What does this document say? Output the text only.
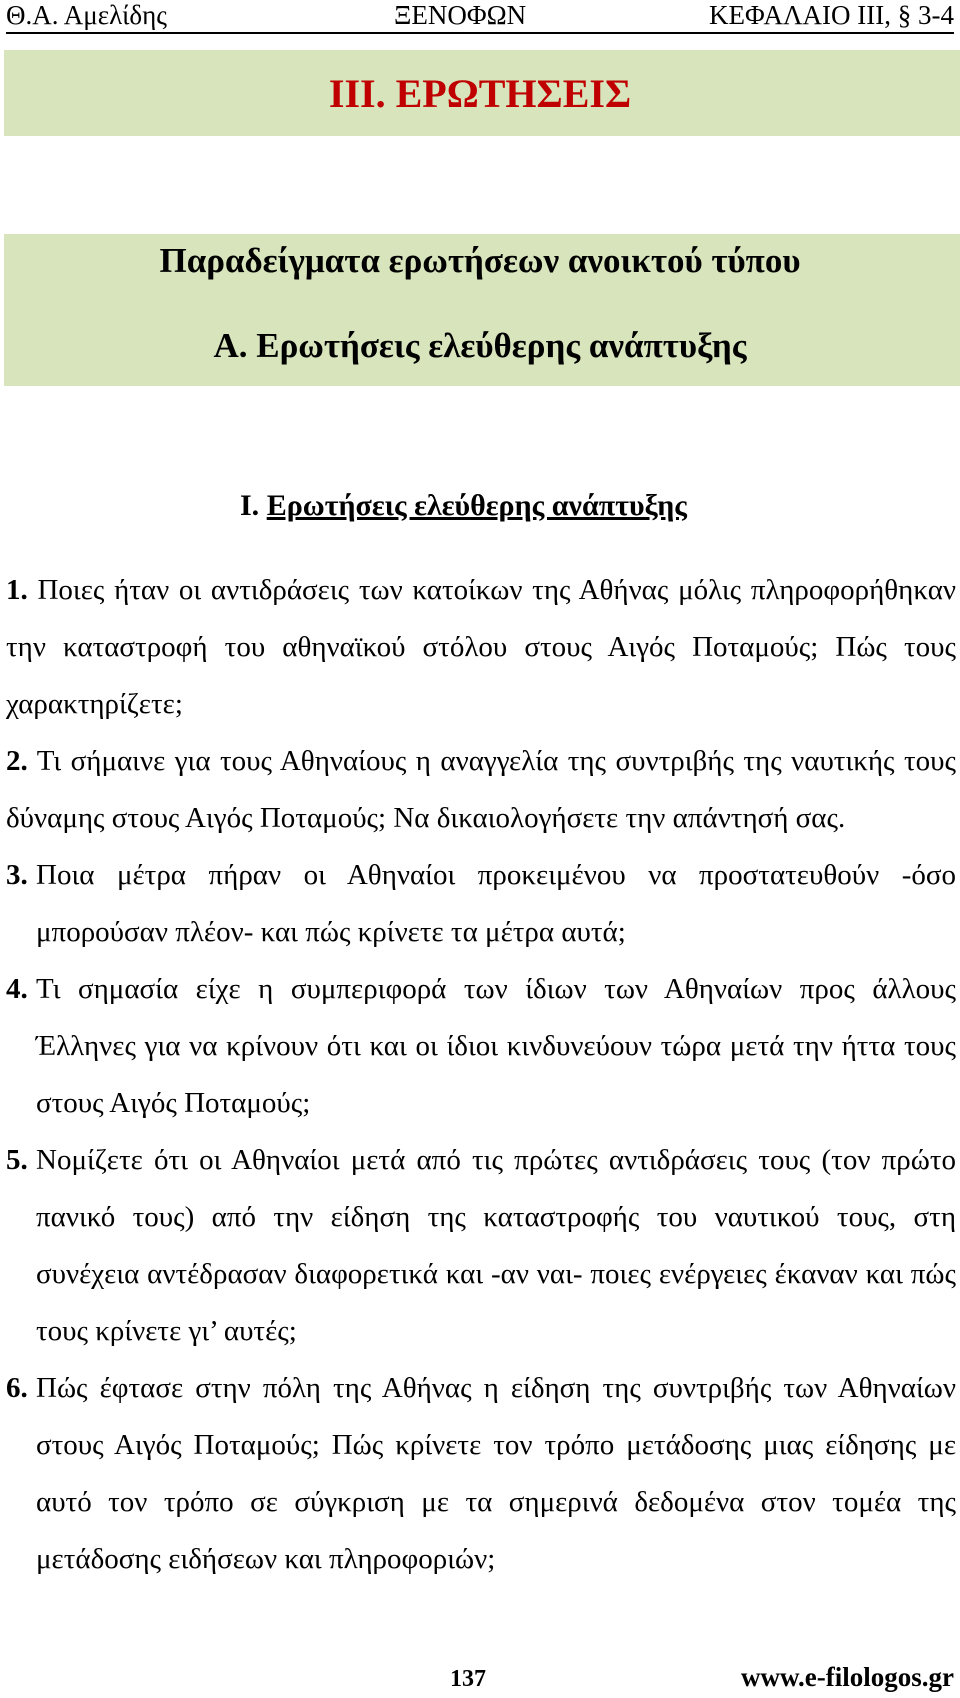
Θ.Α. Αμελίδης	ΞΕΝΟΦΩΝ	ΚΕΦΑΛΑΙΟ ΙΙΙ, § 3-4
ΙΙΙ. ΕΡΩΤΗΣΕΙΣ
Παραδείγματα ερωτήσεων ανοικτού τύπου
Α. Ερωτήσεις ελεύθερης ανάπτυξης
Ι. Ερωτήσεις ελεύθερης ανάπτυξης
1. Ποιες ήταν οι αντιδράσεις των κατοίκων της Αθήνας μόλις πληροφορήθηκαν την καταστροφή του αθηναϊκού στόλου στους Αιγός Ποταμούς; Πώς τους χαρακτηρίζετε;
2. Τι σήμαινε για τους Αθηναίους η αναγγελία της συντριβής της ναυτικής τους δύναμης στους Αιγός Ποταμούς; Να δικαιολογήσετε την απάντησή σας.
3. Ποια μέτρα πήραν οι Αθηναίοι προκειμένου να προστατευθούν -όσο μπορούσαν πλέον- και πώς κρίνετε τα μέτρα αυτά;
4. Τι σημασία είχε η συμπεριφορά των ίδιων των Αθηναίων προς άλλους Έλληνες για να κρίνουν ότι και οι ίδιοι κινδυνεύουν τώρα μετά την ήττα τους στους Αιγός Ποταμούς;
5. Νομίζετε ότι οι Αθηναίοι μετά από τις πρώτες αντιδράσεις τους (τον πρώτο πανικό τους) από την είδηση της καταστροφής του ναυτικού τους, στη συνέχεια αντέδρασαν διαφορετικά και -αν ναι- ποιες ενέργειες έκαναν και πώς τους κρίνετε γι’ αυτές;
6. Πώς έφτασε στην πόλη της Αθήνας η είδηση της συντριβής των Αθηναίων στους Αιγός Ποταμούς; Πώς κρίνετε τον τρόπο μετάδοσης μιας είδησης με αυτό τον τρόπο σε σύγκριση με τα σημερινά δεδομένα στον τομέα της μετάδοσης ειδήσεων και πληροφοριών;
137	www.e-filologos.gr
